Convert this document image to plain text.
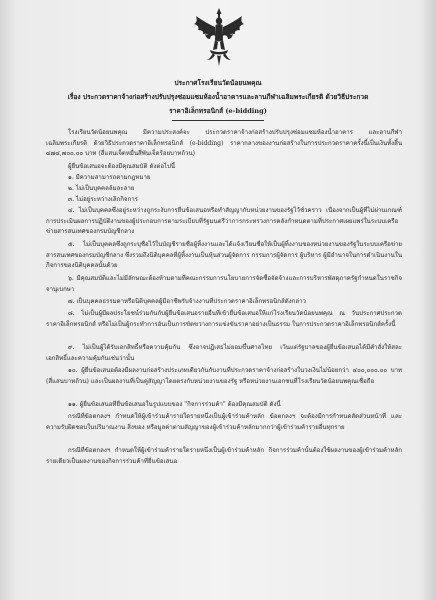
ประกาศโรงเรียนวัดน้อยนพคุณ
เรื่อง ประกวดราคาจ้างก่อสร้างปรับปรุงซ่อมแซมห้องน้ำอาคารและลานกีฬาเฉลิมพระเกียรติ ด้วยวิธีประกวด
ราคาอิเล็กทรอนิกส์ (e-bidding)
โรงเรียนวัดน้อยนพคุณ มีความประสงค์จะ ประกวดราคาจ้างก่อสร้างปรับปรุงซ่อมแซมห้องน้ำอาคาร และลานกีฬาเฉลิมพระเกียรติ ด้วยวิธีประกวดราคาอิเล็กทรอนิกส์ (e-bidding) ราคากลางของงานก่อสร้างในการประกวดราคาครั้งนี้เป็นเงินทั้งสิ้น ๔๗๔,๗๐๐.๐๐ บาท (สี่แสนเจ็ดหมื่นสี่พันเจ็ดร้อยบาทถ้วน)
ผู้ยื่นข้อเสนอจะต้องมีคุณสมบัติ ดังต่อไปนี้
๑. มีความสามารถตามกฎหมาย
๒. ไม่เป็นบุคคลล้มละลาย
๓. ไม่อยู่ระหว่างเลิกกิจการ
๔. ไม่เป็นบุคคลซึ่งอยู่ระหว่างถูกระงับการยื่นข้อเสนอหรือทำสัญญากับหน่วยงานของรัฐไว้ชั่วคราว เนื่องจากเป็นผู้ที่ไม่ผ่านเกณฑ์การประเมินผลการปฏิบัติงานของผู้ประกอบการตามระเบียบที่รัฐมนตรีว่าการกระทรวงการคลังกำหนดตามที่ประกาศเผยแพร่ในระบบเครือข่ายสารสนเทศของกรมบัญชีกลาง
๕. ไม่เป็นบุคคลซึ่งถูกระบุชื่อไว้ในบัญชีรายชื่อผู้ทิ้งงานและได้แจ้งเวียนชื่อให้เป็นผู้ทิ้งงานของหน่วยงานของรัฐในระบบเครือข่ายสารสนเทศของกรมบัญชีกลาง ซึ่งรวมถึงนิติบุคคลที่ผู้ทิ้งงานเป็นหุ้นส่วนผู้จัดการ กรรมการผู้จัดการ ผู้บริหาร ผู้มีอำนาจในการดำเนินงานในกิจการของนิติบุคคลนั้นด้วย
๖. มีคุณสมบัติและไม่มีลักษณะต้องห้ามตามที่คณะกรรมการนโยบายการจัดซื้อจัดจ้างและการบริหารพัสดุภาครัฐกำหนดในราชกิจจานุเบกษา
๗. เป็นบุคคลธรรมดาหรือนิติบุคคลผู้มีอาชีพรับจ้างงานที่ประกวดราคาอิเล็กทรอนิกส์ดังกล่าว
๘. ไม่เป็นผู้มีผลประโยชน์ร่วมกันกับผู้ยื่นข้อเสนอรายอื่นที่เข้ายื่นข้อเสนอให้แก่โรงเรียนวัดน้อยนพคุณ ณ วันประกาศประกวดราคาอิเล็กทรอนิกส์ หรือไม่เป็นผู้กระทำการอันเป็นการขัดขวางการแข่งขันราคาอย่างเป็นธรรม ในการประกวดราคาอิเล็กทรอนิกส์ครั้งนี้
๙. ไม่เป็นผู้ได้รับเอกสิทธิ์หรือความคุ้มกัน ซึ่งอาจปฏิเสธไม่ยอมขึ้นศาลไทย เว้นแต่รัฐบาลของผู้ยื่นข้อเสนอได้มีคำสั่งให้สละเอกสิทธิ์และความคุ้มกันเช่นว่านั้น
๑๐. ผู้ยื่นข้อเสนอต้องมีผลงานก่อสร้างประเภทเดียวกันกับงานที่ประกวดราคาจ้างก่อสร้างในวงเงินไม่น้อยกว่า ๔๐๐,๐๐๐.๐๐ บาท (สี่แสนบาทถ้วน) และเป็นผลงานที่เป็นคู่สัญญาโดยตรงกับหน่วยงานของรัฐ หรือหน่วยงานเอกชนที่โรงเรียนวัดน้อยนพคุณเชื่อถือ
๑๑. ผู้ยื่นข้อเสนอที่ยื่นข้อเสนอในรูปแบบของ "กิจการร่วมค้า" ต้องมีคุณสมบัติ ดังนี้
กรณีที่ข้อตกลงฯ กำหนดให้ผู้เข้าร่วมค้ารายใดรายหนึ่งเป็นผู้เข้าร่วมค้าหลัก ข้อตกลงฯ จะต้องมีการกำหนดสัดส่วนหน้าที่ และความรับผิดชอบในปริมาณงาน สิ่งของ หรือมูลค่าตามสัญญาของผู้เข้าร่วมค้าหลักมากกว่าผู้เข้าร่วมค้ารายอื่นทุกราย
กรณีที่ข้อตกลงฯ กำหนดให้ผู้เข้าร่วมค้ารายใดรายหนึ่งเป็นผู้เข้าร่วมค้าหลัก กิจการร่วมค้านั้นต้องใช้ผลงานของผู้เข้าร่วมค้าหลักรายเดียวเป็นผลงานของกิจการร่วมค้าที่ยื่นข้อเสนอ
